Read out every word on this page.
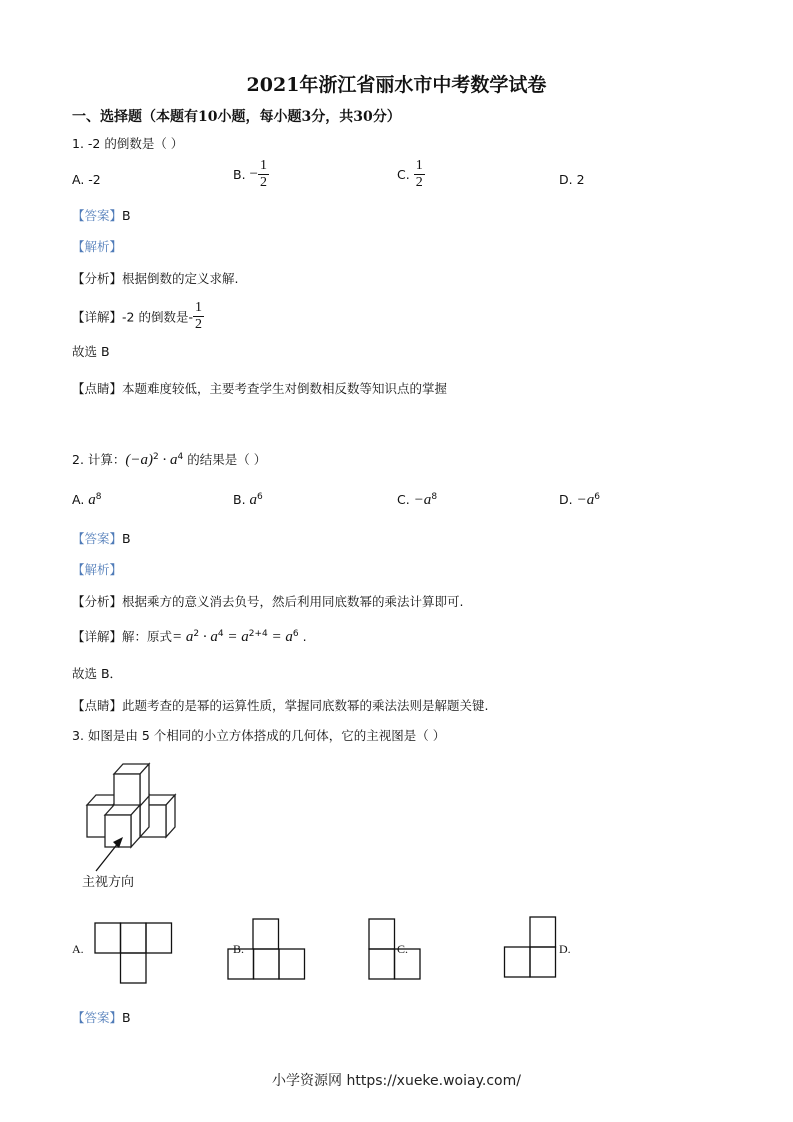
2021年浙江省丽水市中考数学试卷
一、选择题（本题有10小题，每小题3分，共30分）
1. -2 的倒数是（ ）
A. -2	B. − $\frac{1}{2}$	C. $\frac{1}{2}$	D. 2
【答案】B
【解析】
【分析】根据倒数的定义求解.
【详解】-2 的倒数是- $\frac{1}{2}$
故选 B
【点睛】本题难度较低，主要考查学生对倒数相反数等知识点的掌握
2. 计算：$(-a)^2 \cdot a^4$ 的结果是（ ）
A. $a^8$	B. $a^6$	C. $-a^8$	D. $-a^6$
【答案】B
【解析】
【分析】根据乘方的意义消去负号，然后利用同底数幂的乘法计算即可.
【详解】解：原式= $a^2 \cdot a^4 = a^{2+4} = a^6$ .
故选 B．
【点睛】此题考查的是幂的运算性质，掌握同底数幂的乘法法则是解题关键.
3. 如图是由 5 个相同的小立方体搭成的几何体，它的主视图是（ ）
主视方向
A.	B.	C.	D.
【答案】B
小学资源网 https://xueke.woiay.com/
